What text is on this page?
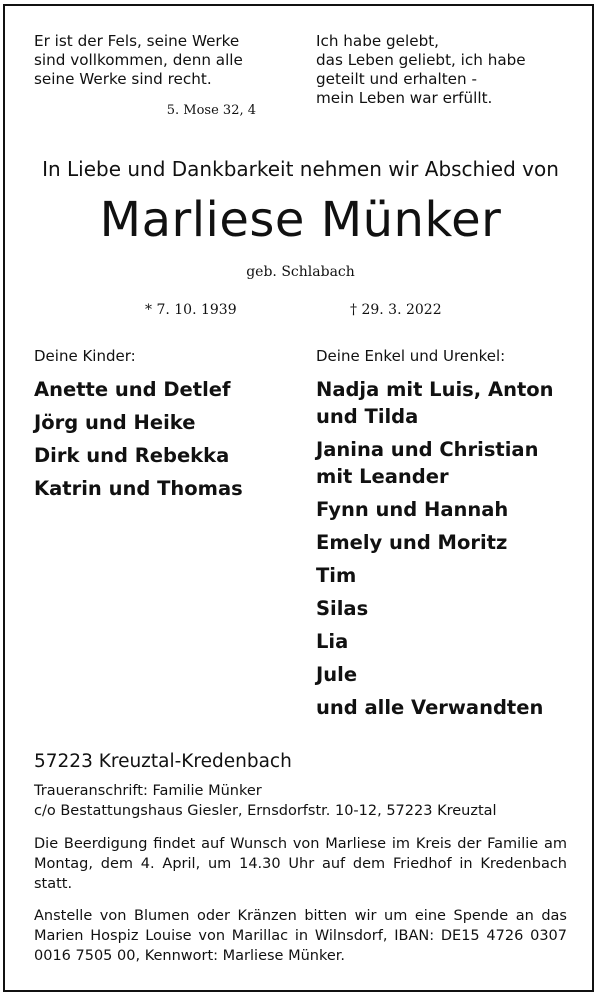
Er ist der Fels, seine Werke
sind vollkommen, denn alle
seine Werke sind recht.
5. Mose 32, 4
Ich habe gelebt,
das Leben geliebt, ich habe
geteilt und erhalten -
mein Leben war erfüllt.
In Liebe und Dankbarkeit nehmen wir Abschied von
Marliese Münker
geb. Schlabach
* 7. 10. 1939	† 29. 3. 2022
Deine Kinder:
Anette und Detlef
Jörg und Heike
Dirk und Rebekka
Katrin und Thomas
Deine Enkel und Urenkel:
Nadja mit Luis, Anton
und Tilda
Janina und Christian
mit Leander
Fynn und Hannah
Emely und Moritz
Tim
Silas
Lia
Jule
und alle Verwandten
57223 Kreuztal-Kredenbach
Traueranschrift: Familie Münker
c/o Bestattungshaus Giesler, Ernsdorfstr. 10-12, 57223 Kreuztal
Die Beerdigung findet auf Wunsch von Marliese im Kreis der Familie am Montag, dem 4. April, um 14.30 Uhr auf dem Friedhof in Kredenbach statt.
Anstelle von Blumen oder Kränzen bitten wir um eine Spende an das Marien Hospiz Louise von Marillac in Wilnsdorf, IBAN: DE15 4726 0307 0016 7505 00, Kennwort: Marliese Münker.
